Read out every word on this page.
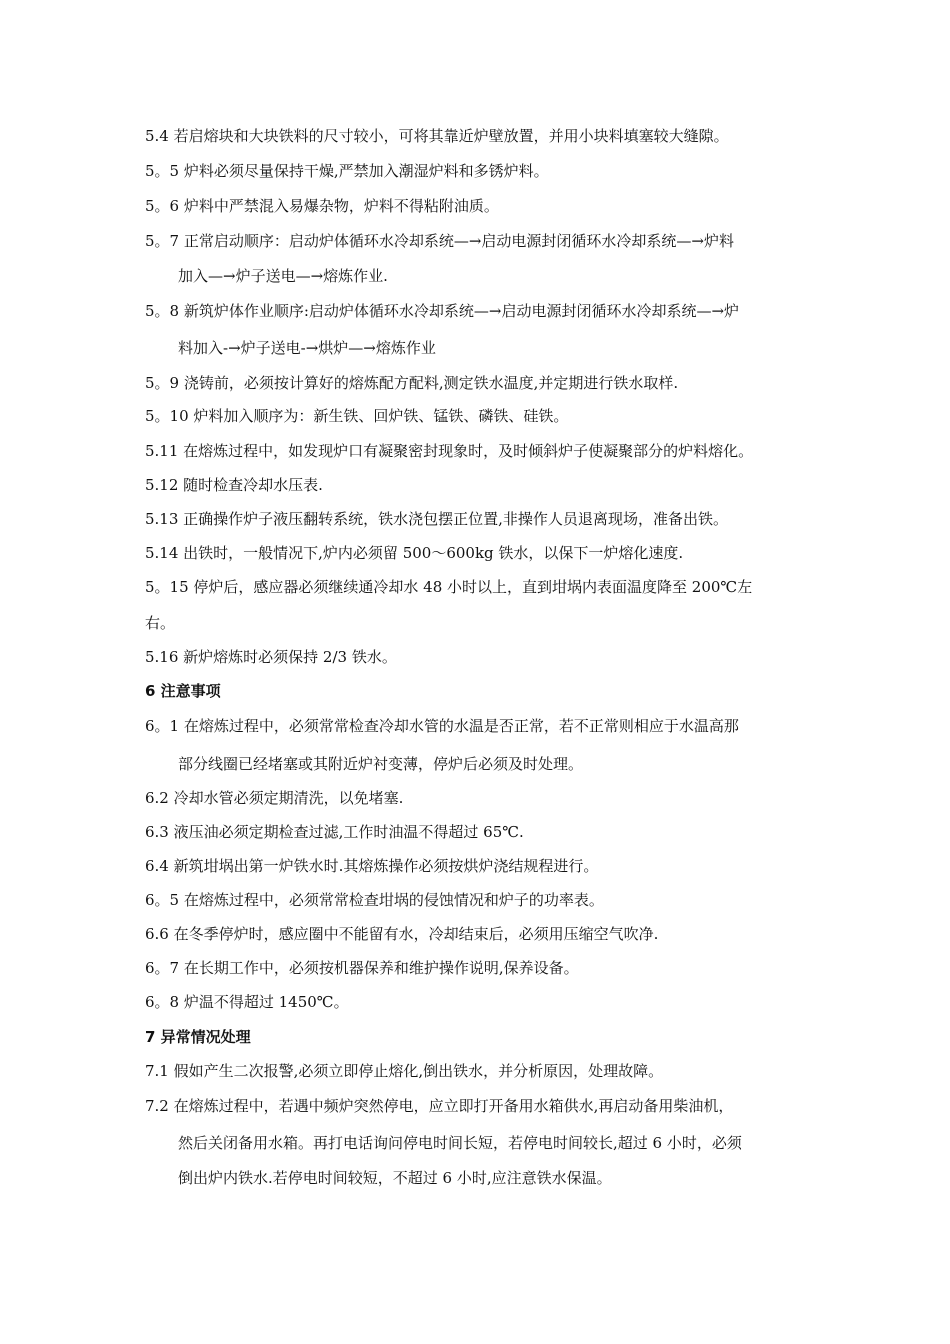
5.4 若启熔块和大块铁料的尺寸较小，可将其靠近炉壁放置，并用小块料填塞较大缝隙。
5。5 炉料必须尽量保持干燥,严禁加入潮湿炉料和多锈炉料。
5。6 炉料中严禁混入易爆杂物，炉料不得粘附油质。
5。7 正常启动顺序：启动炉体循环水冷却系统—→启动电源封闭循环水冷却系统—→炉料
加入—→炉子送电—→熔炼作业.
5。8 新筑炉体作业顺序:启动炉体循环水冷却系统—→启动电源封闭循环水冷却系统—→炉
料加入-→炉子送电-→烘炉—→熔炼作业
5。9 浇铸前，必须按计算好的熔炼配方配料,测定铁水温度,并定期进行铁水取样.
5。10 炉料加入顺序为：新生铁、回炉铁、锰铁、磷铁、硅铁。
5.11 在熔炼过程中，如发现炉口有凝聚密封现象时，及时倾斜炉子使凝聚部分的炉料熔化。
5.12 随时检查冷却水压表.
5.13 正确操作炉子液压翻转系统，铁水浇包摆正位置,非操作人员退离现场，准备出铁。
5.14 出铁时，一般情况下,炉内必须留 500～600kg 铁水，以保下一炉熔化速度.
5。15 停炉后，感应器必须继续通冷却水 48 小时以上，直到坩埚内表面温度降至 200℃左
右。
5.16 新炉熔炼时必须保持 2/3 铁水。
6 注意事项
6。1 在熔炼过程中，必须常常检查冷却水管的水温是否正常，若不正常则相应于水温高那
部分线圈已经堵塞或其附近炉衬变薄，停炉后必须及时处理。
6.2 冷却水管必须定期清洗，以免堵塞.
6.3 液压油必须定期检查过滤,工作时油温不得超过 65℃.
6.4 新筑坩埚出第一炉铁水时.其熔炼操作必须按烘炉浇结规程进行。
6。5 在熔炼过程中，必须常常检查坩埚的侵蚀情况和炉子的功率表。
6.6 在冬季停炉时，感应圈中不能留有水，冷却结束后，必须用压缩空气吹净.
6。7 在长期工作中，必须按机器保养和维护操作说明,保养设备。
6。8 炉温不得超过 1450℃。
7 异常情况处理
7.1 假如产生二次报警,必须立即停止熔化,倒出铁水，并分析原因，处理故障。
7.2 在熔炼过程中，若遇中频炉突然停电，应立即打开备用水箱供水,再启动备用柴油机，
然后关闭备用水箱。再打电话询问停电时间长短，若停电时间较长,超过 6 小时，必须
倒出炉内铁水.若停电时间较短，不超过 6 小时,应注意铁水保温。
